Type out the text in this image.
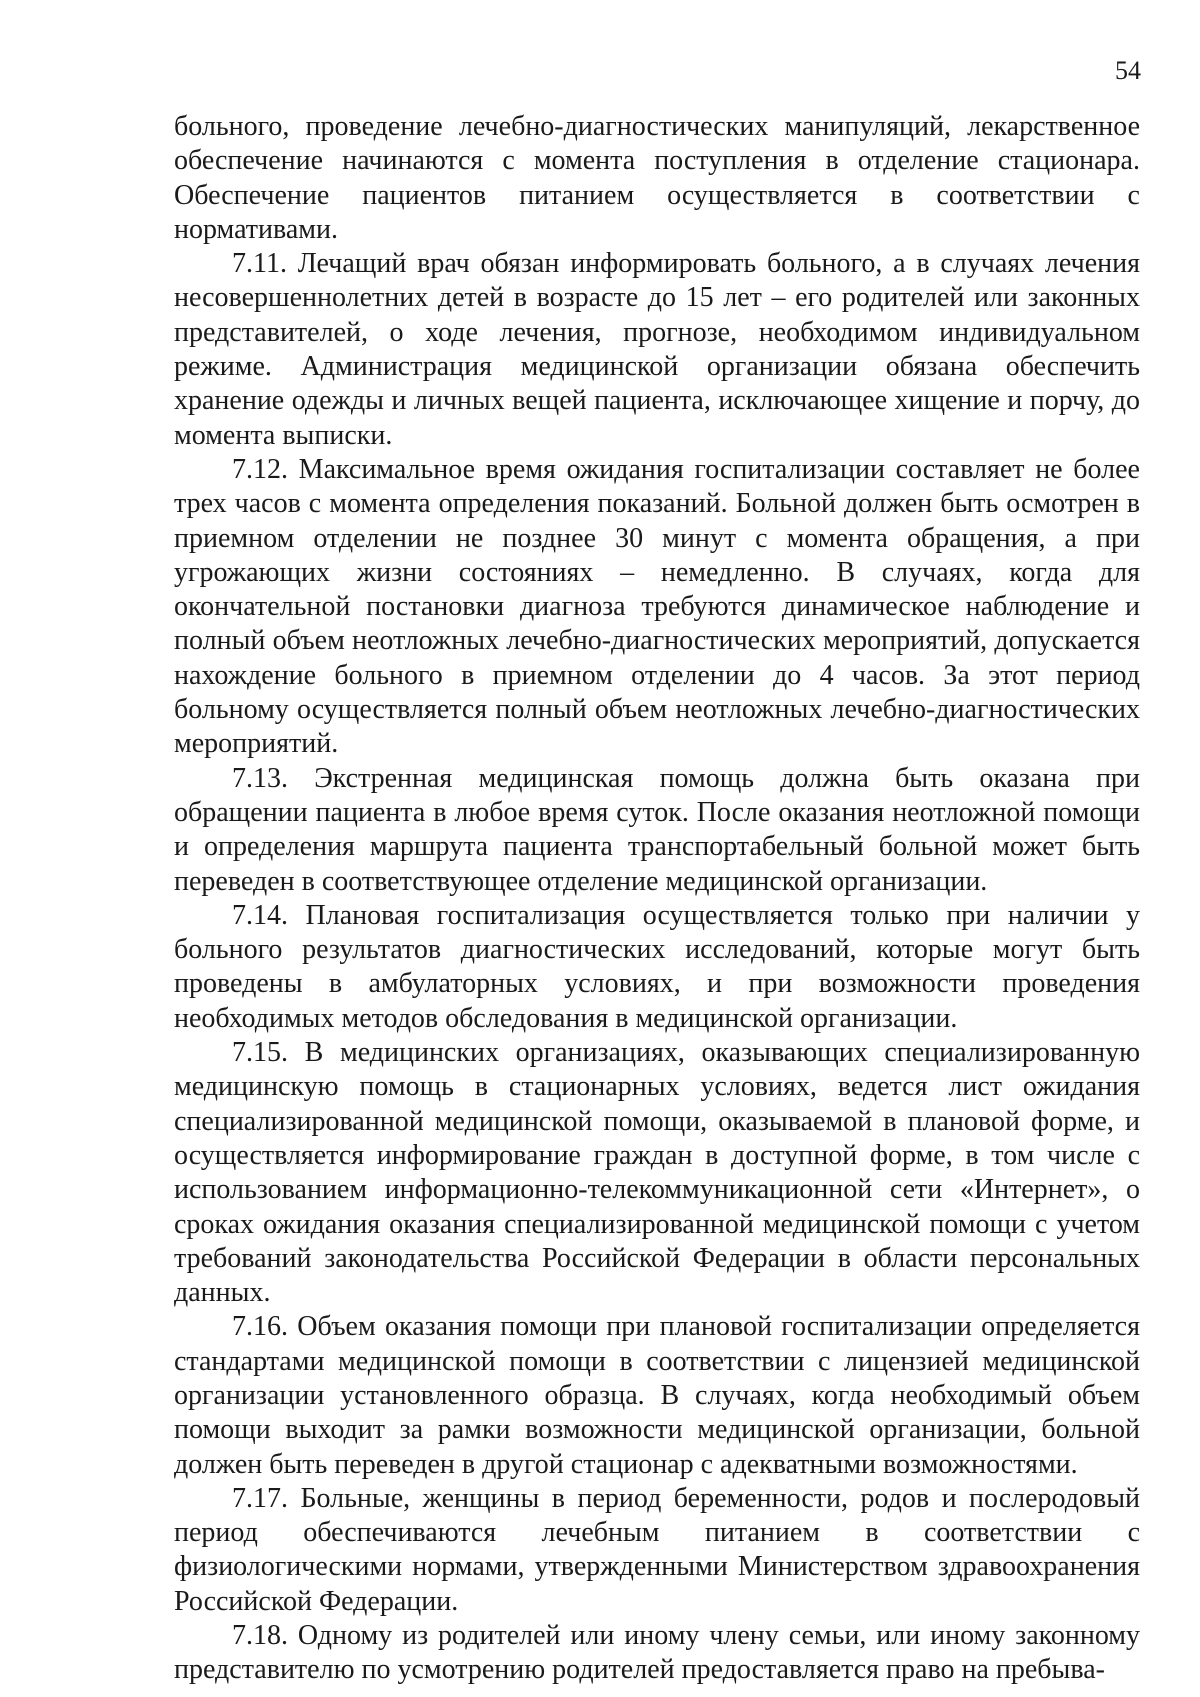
54

больного, проведение лечебно-диагностических манипуляций, лекарственное обеспечение начинаются с момента поступления в отделение стационара. Обеспечение пациентов питанием осуществляется в соответствии с нормативами.

7.11. Лечащий врач обязан информировать больного, а в случаях лечения несовершеннолетних детей в возрасте до 15 лет – его родителей или законных представителей, о ходе лечения, прогнозе, необходимом индивидуальном режиме. Администрация медицинской организации обязана обеспечить хранение одежды и личных вещей пациента, исключающее хищение и порчу, до момента выписки.

7.12. Максимальное время ожидания госпитализации составляет не более трех часов с момента определения показаний. Больной должен быть осмотрен в приемном отделении не позднее 30 минут с момента обращения, а при угрожающих жизни состояниях – немедленно. В случаях, когда для окончательной постановки диагноза требуются динамическое наблюдение и полный объем неотложных лечебно-диагностических мероприятий, допускается нахождение больного в приемном отделении до 4 часов. За этот период больному осуществляется полный объем неотложных лечебно-диагностических мероприятий.

7.13. Экстренная медицинская помощь должна быть оказана при обращении пациента в любое время суток. После оказания неотложной помощи и определения маршрута пациента транспортабельный больной может быть переведен в соответствующее отделение медицинской организации.

7.14. Плановая госпитализация осуществляется только при наличии у больного результатов диагностических исследований, которые могут быть проведены в амбулаторных условиях, и при возможности проведения необходимых методов обследования в медицинской организации.

7.15. В медицинских организациях, оказывающих специализированную медицинскую помощь в стационарных условиях, ведется лист ожидания специализированной медицинской помощи, оказываемой в плановой форме, и осуществляется информирование граждан в доступной форме, в том числе с использованием информационно-телекоммуникационной сети «Интернет», о сроках ожидания оказания специализированной медицинской помощи с учетом требований законодательства Российской Федерации в области персональных данных.

7.16. Объем оказания помощи при плановой госпитализации определяется стандартами медицинской помощи в соответствии с лицензией медицинской организации установленного образца. В случаях, когда необходимый объем помощи выходит за рамки возможности медицинской организации, больной должен быть переведен в другой стационар с адекватными возможностями.

7.17. Больные, женщины в период беременности, родов и послеродовый период обеспечиваются лечебным питанием в соответствии с физиологическими нормами, утвержденными Министерством здравоохранения Российской Федерации.

7.18. Одному из родителей или иному члену семьи, или иному законному представителю по усмотрению родителей предоставляется право на пребыва-
